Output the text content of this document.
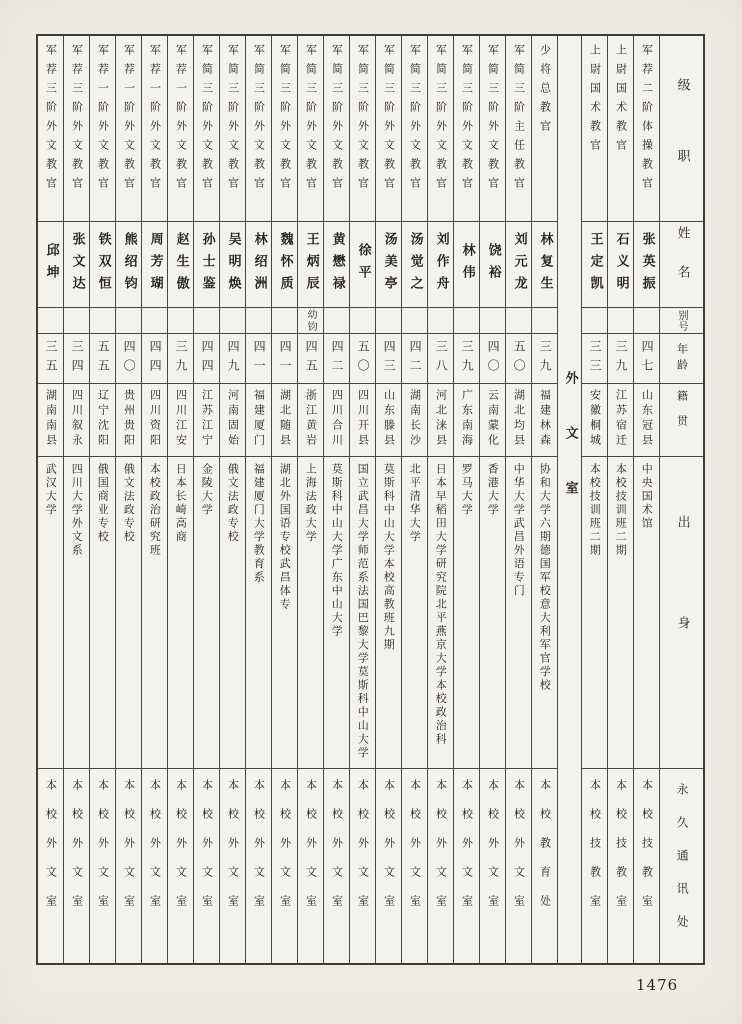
级职
姓名
别号
年龄
籍贯
出身
永久通讯处
军荐二阶体操教官
张英振
四七
山东冠县
中央国术馆
本校技教室
上尉国术教官
石义明
三九
江苏宿迁
本校技训班二期
本校技教室
上尉国术教官
王定凯
三三
安徽桐城
本校技训班二期
本校技教室
外文室
少将总教官
林复生
三九
福建林森
协和大学六期德国军校意大利军官学校
本校教育处
军简三阶主任教官
刘元龙
五〇
湖北均县
中华大学武昌外语专门
本校外文室
军简三阶外文教官
饶裕
四〇
云南蒙化
香港大学
本校外文室
军简三阶外文教官
林伟
三九
广东南海
罗马大学
本校外文室
军简三阶外文教官
刘作舟
三八
河北涞县
日本早稻田大学研究院北平燕京大学本校政治科
本校外文室
军简三阶外文教官
汤觉之
四二
湖南长沙
北平清华大学
本校外文室
军简三阶外文教官
汤美亭
四三
山东滕县
莫斯科中山大学本校高教班九期
本校外文室
军简三阶外文教官
徐平
五〇
四川开县
国立武昌大学师范系法国巴黎大学莫斯科中山大学
本校外文室
军简三阶外文教官
黄懋禄
四二
四川合川
莫斯科中山大学广东中山大学
本校外文室
军简三阶外文教官
王炳辰
幼钧
四五
浙江黄岩
上海法政大学
本校外文室
军简三阶外文教官
魏怀质
四一
湖北随县
湖北外国语专校武昌体专
本校外文室
军简三阶外文教官
林绍洲
四一
福建厦门
福建厦门大学教育系
本校外文室
军简三阶外文教官
吴明焕
四九
河南固始
俄文法政专校
本校外文室
军简三阶外文教官
孙士鉴
四四
江苏江宁
金陵大学
本校外文室
军荐一阶外文教官
赵生傲
三九
四川江安
日本长崎高商
本校外文室
军荐一阶外文教官
周芳瑚
四四
四川资阳
本校政治研究班
本校外文室
军荐一阶外文教官
熊绍钧
四〇
贵州贵阳
俄文法政专校
本校外文室
军荐一阶外文教官
铁双恒
五五
辽宁沈阳
俄国商业专校
本校外文室
军荐三阶外文教官
张文达
三四
四川叙永
四川大学外文系
本校外文室
军荐三阶外文教官
邱坤
三五
湖南南县
武汉大学
本校外文室
1476
